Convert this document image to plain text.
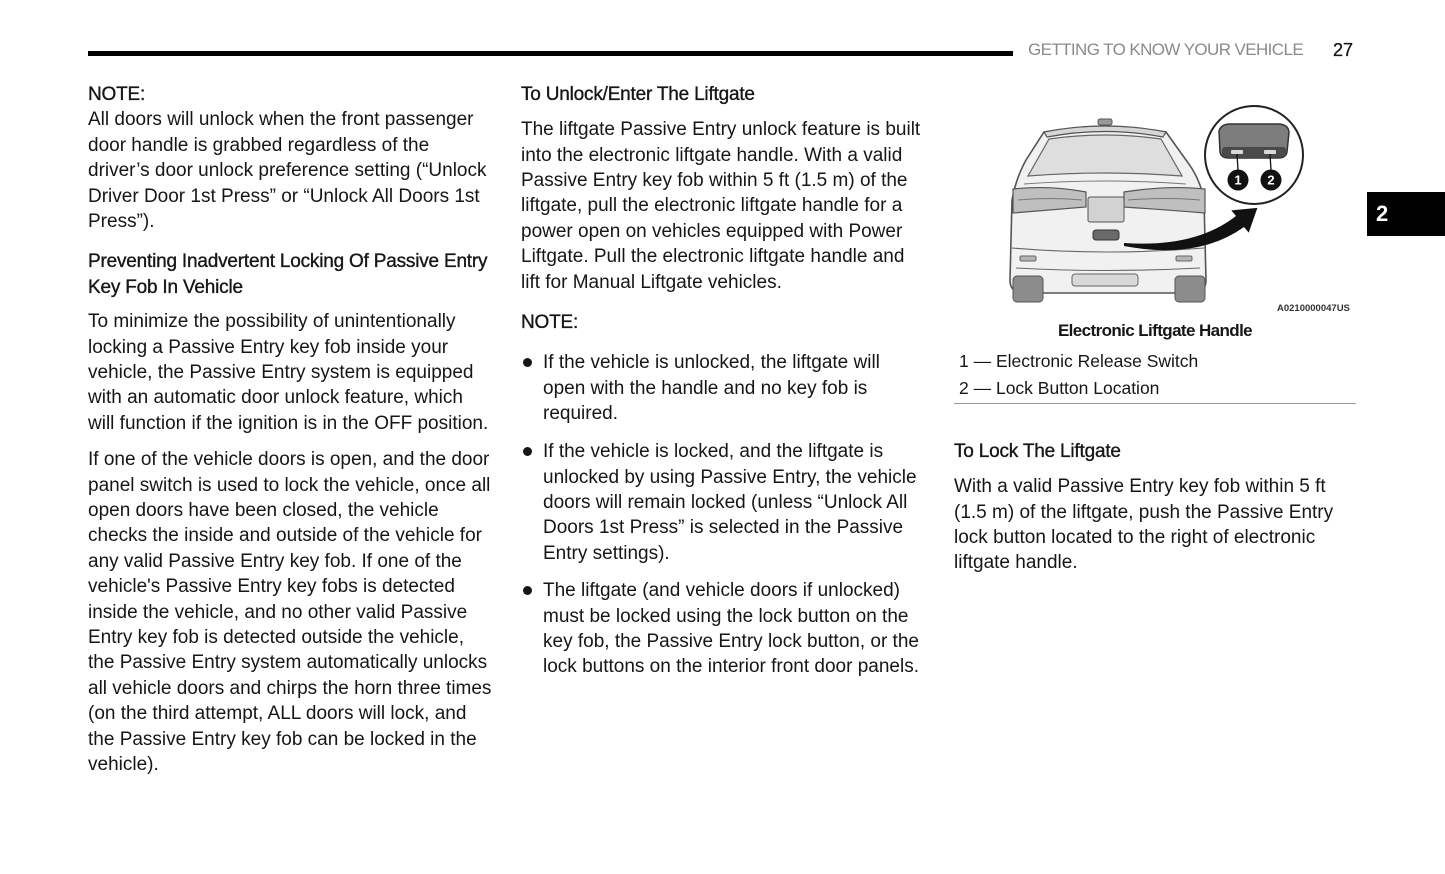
GETTING TO KNOW YOUR VEHICLE 27
2
NOTE:
All doors will unlock when the front passenger
door handle is grabbed regardless of the
driver’s door unlock preference setting (“Unlock
Driver Door 1st Press” or “Unlock All Doors 1st
Press”).
Preventing Inadvertent Locking Of Passive Entry
Key Fob In Vehicle
To minimize the possibility of unintentionally
locking a Passive Entry key fob inside your
vehicle, the Passive Entry system is equipped
with an automatic door unlock feature, which
will function if the ignition is in the OFF position.
If one of the vehicle doors is open, and the door
panel switch is used to lock the vehicle, once all
open doors have been closed, the vehicle
checks the inside and outside of the vehicle for
any valid Passive Entry key fob. If one of the
vehicle's Passive Entry key fobs is detected
inside the vehicle, and no other valid Passive
Entry key fob is detected outside the vehicle,
the Passive Entry system automatically unlocks
all vehicle doors and chirps the horn three times
(on the third attempt, ALL doors will lock, and
the Passive Entry key fob can be locked in the
vehicle).
To Unlock/Enter The Liftgate
The liftgate Passive Entry unlock feature is built
into the electronic liftgate handle. With a valid
Passive Entry key fob within 5 ft (1.5 m) of the
liftgate, pull the electronic liftgate handle for a
power open on vehicles equipped with Power
Liftgate. Pull the electronic liftgate handle and
lift for Manual Liftgate vehicles.
NOTE:
If the vehicle is unlocked, the liftgate will
open with the handle and no key fob is
required.
If the vehicle is locked, and the liftgate is
unlocked by using Passive Entry, the vehicle
doors will remain locked (unless “Unlock All
Doors 1st Press” is selected in the Passive
Entry settings).
The liftgate (and vehicle doors if unlocked)
must be locked using the lock button on the
key fob, the Passive Entry lock button, or the
lock buttons on the interior front door panels.
1 2
A0210000047US
Electronic Liftgate Handle
1 — Electronic Release Switch
2 — Lock Button Location
To Lock The Liftgate
With a valid Passive Entry key fob within 5 ft
(1.5 m) of the liftgate, push the Passive Entry
lock button located to the right of electronic
liftgate handle.
